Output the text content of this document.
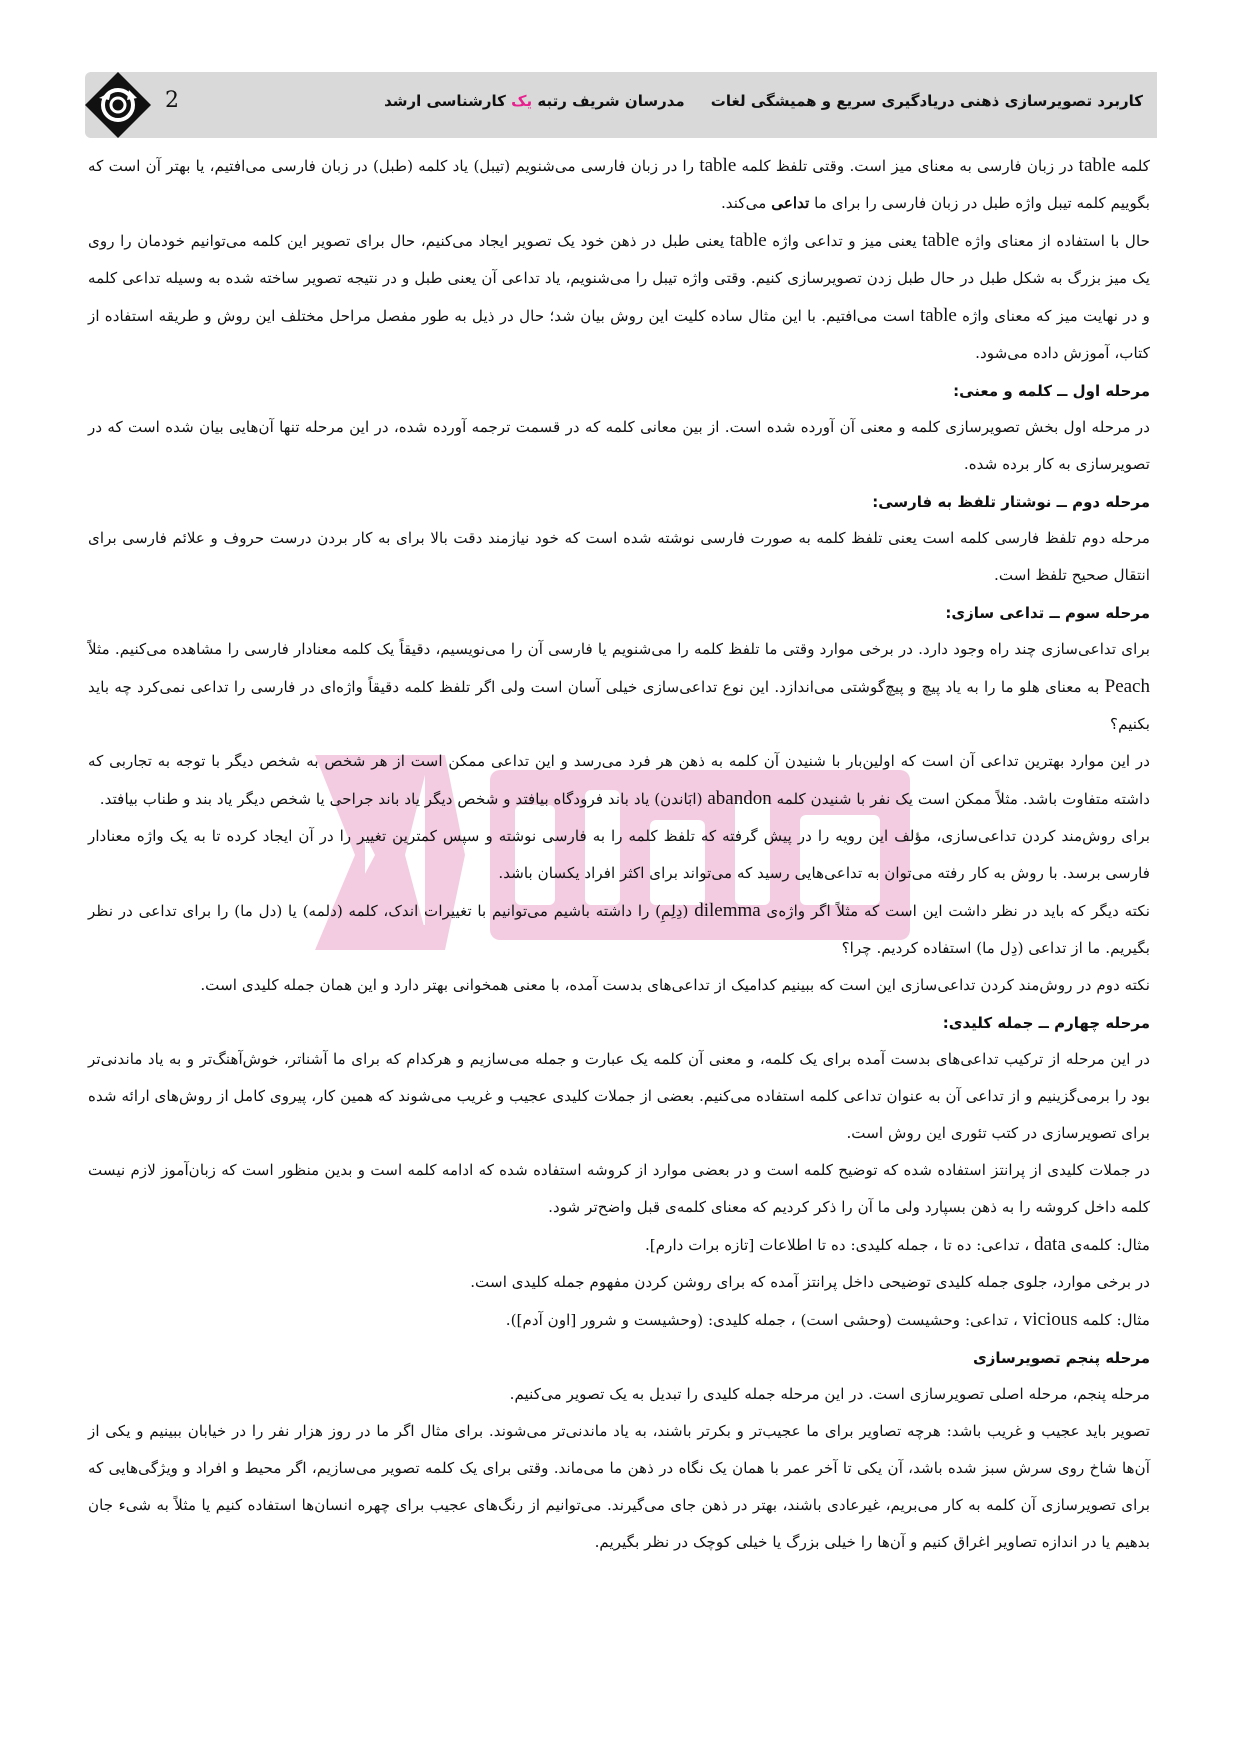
کاربرد تصویرسازی ذهنی دریادگیری سریع و همیشگی لغات     مدرسان شریف رتبه یک کارشناسی ارشد
2

کلمه table در زبان فارسی به معنای میز است. وقتی تلفظ کلمه table را در زبان فارسی می‌شنویم (تیبل) یاد کلمه (طبل) در زبان فارسی می‌افتیم، یا بهتر آن است که بگوییم کلمه تیبل واژه طبل در زبان فارسی را برای ما تداعی می‌کند.

حال با استفاده از معنای واژه table یعنی میز و تداعی واژه table یعنی طبل در ذهن خود یک تصویر ایجاد می‌کنیم، حال برای تصویر این کلمه می‌توانیم خودمان را روی یک میز بزرگ به شکل طبل در حال طبل زدن تصویرسازی کنیم. وقتی واژه تیبل را می‌شنویم، یاد تداعی آن یعنی طبل و در نتیجه تصویر ساخته شده به وسیله تداعی کلمه و در نهایت میز که معنای واژه table است می‌افتیم. با این مثال ساده کلیت این روش بیان شد؛ حال در ذیل به طور مفصل مراحل مختلف این روش و طریقه استفاده از کتاب، آموزش داده می‌شود.

مرحله اول ــ کلمه و معنی:

در مرحله اول بخش تصویرسازی کلمه و معنی آن آورده شده است. از بین معانی کلمه که در قسمت ترجمه آورده شده، در این مرحله تنها آن‌هایی بیان شده است که در تصویرسازی به کار برده شده.

مرحله دوم ــ نوشتار تلفظ به فارسی:

مرحله دوم تلفظ فارسی کلمه است یعنی تلفظ کلمه به صورت فارسی نوشته شده است که خود نیازمند دقت بالا برای به کار بردن درست حروف و علائم فارسی برای انتقال صحیح تلفظ است.

مرحله سوم ــ تداعی سازی:

برای تداعی‌سازی چند راه وجود دارد. در برخی موارد وقتی ما تلفظ کلمه را می‌شنویم یا فارسی آن را می‌نویسیم، دقیقاً یک کلمه معنادار فارسی را مشاهده می‌کنیم. مثلاً Peach به معنای هلو ما را به یاد پیچ و پیچ‌گوشتی می‌اندازد. این نوع تداعی‌سازی خیلی آسان است ولی اگر تلفظ کلمه دقیقاً واژه‌ای در فارسی را تداعی نمی‌کرد چه باید بکنیم؟

در این موارد بهترین تداعی آن است که اولین‌بار با شنیدن آن کلمه به ذهن هر فرد می‌رسد و این تداعی ممکن است از هر شخص به شخص دیگر با توجه به تجاربی که داشته متفاوت باشد. مثلاً ممکن است یک نفر با شنیدن کلمه abandon (ابَاندن) یاد باند فرودگاه بیافتد و شخص دیگر یاد باند جراحی یا شخص دیگر یاد بند و طناب بیافتد.

برای روش‌مند کردن تداعی‌سازی، مؤلف این رویه را در پیش گرفته که تلفظ کلمه را به فارسی نوشته و سپس کمترین تغییر را در آن ایجاد کرده تا به یک واژه معنادار فارسی برسد. با روش به کار رفته می‌توان به تداعی‌هایی رسید که می‌تواند برای اکثر افراد یکسان باشد.

نکته دیگر که باید در نظر داشت این است که مثلاً اگر واژه‌ی dilemma (دِلِمِ) را داشته باشیم می‌توانیم با تغییرات اندک، کلمه (دلمه) یا (دل ما) را برای تداعی در نظر بگیریم. ما از تداعی (دِل ما) استفاده کردیم. چرا؟

نکته دوم در روش‌مند کردن تداعی‌سازی این است که ببینیم کدامیک از تداعی‌های بدست آمده، با معنی همخوانی بهتر دارد و این همان جمله کلیدی است.

مرحله چهارم ــ جمله کلیدی:

در این مرحله از ترکیب تداعی‌های بدست آمده برای یک کلمه، و معنی آن کلمه یک عبارت و جمله می‌سازیم و هرکدام که برای ما آشناتر، خوش‌آهنگ‌تر و به یاد ماندنی‌تر بود را برمی‌گزینیم و از تداعی آن به عنوان تداعی کلمه استفاده می‌کنیم. بعضی از جملات کلیدی عجیب و غریب می‌شوند که همین کار، پیروی کامل از روش‌های ارائه شده برای تصویرسازی در کتب تئوری این روش است.

در جملات کلیدی از پرانتز استفاده شده که توضیح کلمه است و در بعضی موارد از کروشه استفاده شده که ادامه کلمه است و بدین منظور است که زبان‌آموز لازم نیست کلمه داخل کروشه را به ذهن بسپارد ولی ما آن را ذکر کردیم که معنای کلمه‌ی قبل واضح‌تر شود.

مثال: کلمه‌ی data ، تداعی: ده تا ، جمله کلیدی: ده تا اطلاعات [تازه برات دارم].

در برخی موارد، جلوی جمله کلیدی توضیحی داخل پرانتز آمده که برای روشن کردن مفهوم جمله کلیدی است.

مثال: کلمه vicious ، تداعی: وحشیست (وحشی است) ، جمله کلیدی: (وحشیست و شرور [اون آدم]).

مرحله پنجم تصویرسازی

مرحله پنجم، مرحله اصلی تصویرسازی است. در این مرحله جمله کلیدی را تبدیل به یک تصویر می‌کنیم.

تصویر باید عجیب و غریب باشد: هرچه تصاویر برای ما عجیب‌تر و بکرتر باشند، به یاد ماندنی‌تر می‌شوند. برای مثال اگر ما در روز هزار نفر را در خیابان ببینیم و یکی از آن‌ها شاخ روی سرش سبز شده باشد، آن یکی تا آخر عمر با همان یک نگاه در ذهن ما می‌ماند. وقتی برای یک کلمه تصویر می‌سازیم، اگر محیط و افراد و ویژگی‌هایی که برای تصویرسازی آن کلمه به کار می‌بریم، غیرعادی باشند، بهتر در ذهن جای می‌گیرند. می‌توانیم از رنگ‌های عجیب برای چهره انسان‌ها استفاده کنیم یا مثلاً به شیء جان بدهیم یا در اندازه تصاویر اغراق کنیم و آن‌ها را خیلی بزرگ یا خیلی کوچک در نظر بگیریم.
